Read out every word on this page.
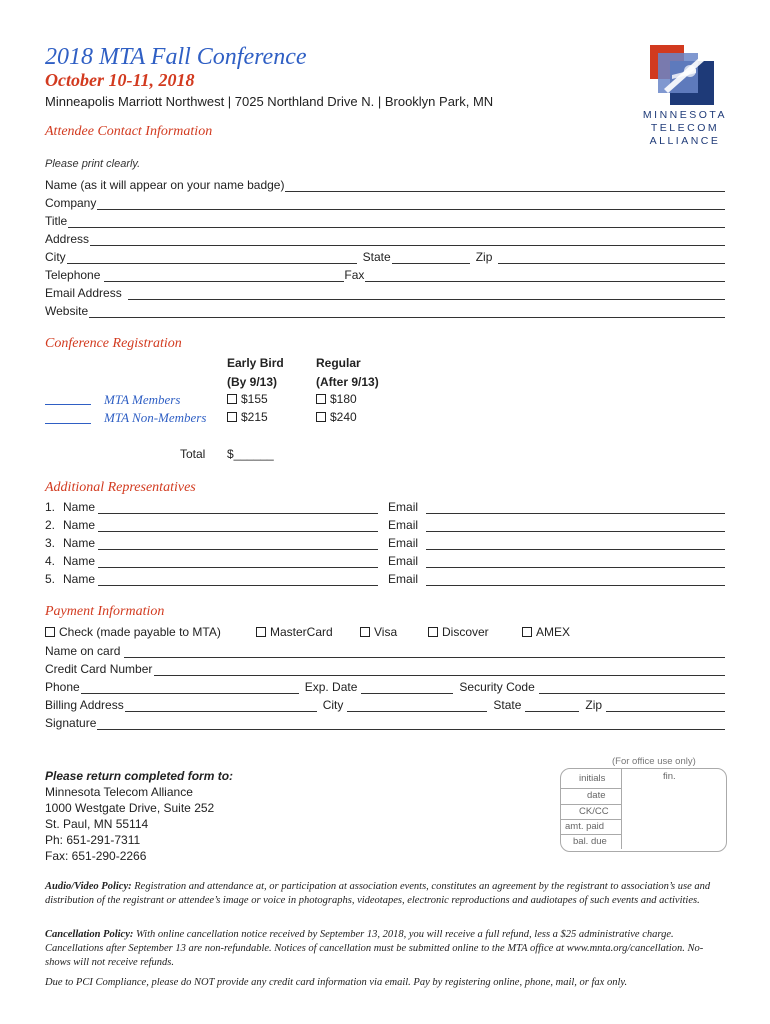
2018 MTA Fall Conference
October 10-11, 2018
Minneapolis Marriott Northwest | 7025 Northland Drive N. | Brooklyn Park, MN
MINNESOTA
TELECOM
ALLIANCE
Attendee Contact Information
Please print clearly.
Name (as it will appear on your name badge)
Company
Title
Address
City	State	Zip
Telephone	Fax
Email Address
Website
Conference Registration
Early Bird
(By 9/13)
Regular
(After 9/13)
MTA Members	$155	$180
MTA Non-Members	$215	$240
Total $______
Additional Representatives
1. Name	Email
2. Name	Email
3. Name	Email
4. Name	Email
5. Name	Email
Payment Information
Check (made payable to MTA)	MasterCard	Visa	Discover	AMEX
Name on card
Credit Card Number
Phone	Exp. Date	Security Code
Billing Address	City	State	Zip
Signature
Please return completed form to:
Minnesota Telecom Alliance
1000 Westgate Drive, Suite 252
St. Paul, MN 55114
Ph: 651-291-7311
Fax: 651-290-2266
(For office use only)
initials	fin.
date
CK/CC
amt. paid
bal. due
Audio/Video Policy: Registration and attendance at, or participation at association events, constitutes an agreement by the registrant to association’s use and distribution of the registrant or attendee’s image or voice in photographs, videotapes, electronic reproductions and audiotapes of such events and activities.
Cancellation Policy: With online cancellation notice received by September 13, 2018, you will receive a full refund, less a $25 administrative charge. Cancellations after September 13 are non-refundable. Notices of cancellation must be submitted online to the MTA office at www.mnta.org/cancellation. No-shows will not receive refunds.
Due to PCI Compliance, please do NOT provide any credit card information via email. Pay by registering online, phone, mail, or fax only.
